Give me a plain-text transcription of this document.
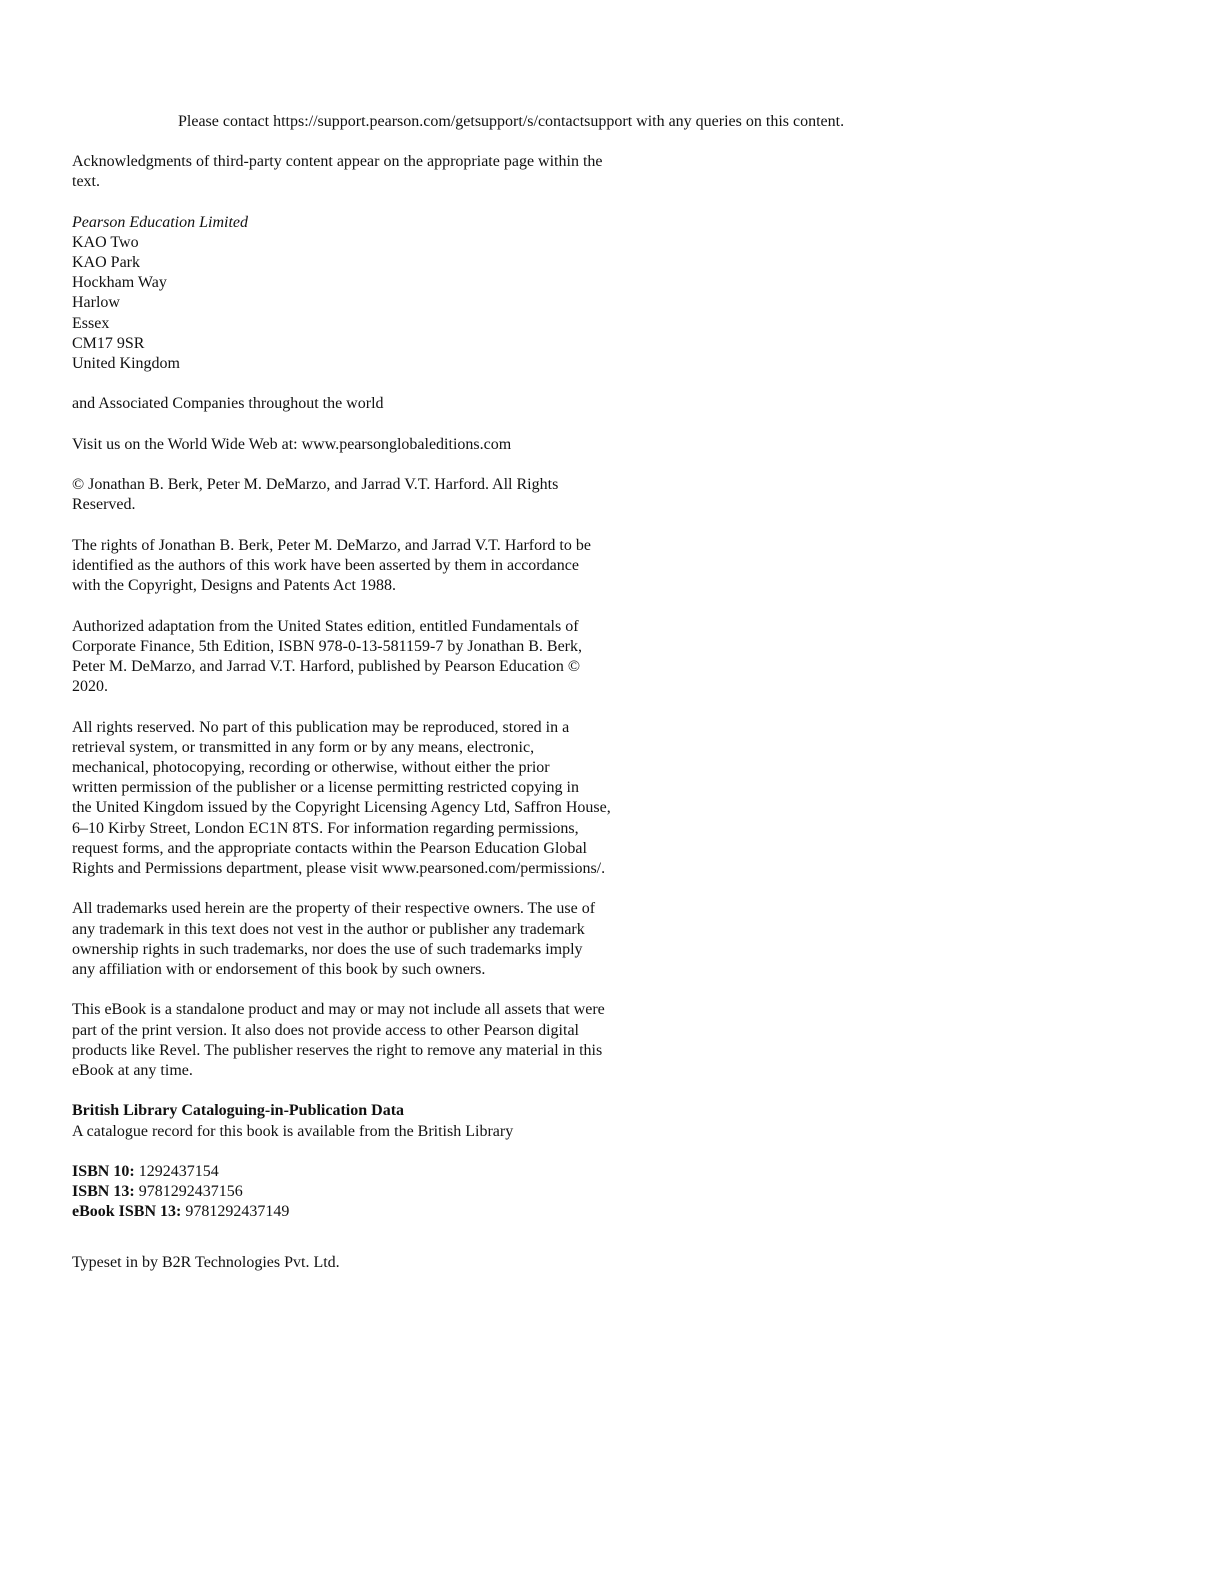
Please contact https://support.pearson.com/getsupport/s/contactsupport with any queries on this content.

Acknowledgments of third-party content appear on the appropriate page within the
text.

Pearson Education Limited
KAO Two
KAO Park
Hockham Way
Harlow
Essex
CM17 9SR
United Kingdom

and Associated Companies throughout the world

Visit us on the World Wide Web at: www.pearsonglobaleditions.com

© Jonathan B. Berk, Peter M. DeMarzo, and Jarrad V.T. Harford. All Rights
Reserved.

The rights of Jonathan B. Berk, Peter M. DeMarzo, and Jarrad V.T. Harford to be
identified as the authors of this work have been asserted by them in accordance
with the Copyright, Designs and Patents Act 1988.

Authorized adaptation from the United States edition, entitled Fundamentals of
Corporate Finance, 5th Edition, ISBN 978-0-13-581159-7 by Jonathan B. Berk,
Peter M. DeMarzo, and Jarrad V.T. Harford, published by Pearson Education ©
2020.

All rights reserved. No part of this publication may be reproduced, stored in a
retrieval system, or transmitted in any form or by any means, electronic,
mechanical, photocopying, recording or otherwise, without either the prior
written permission of the publisher or a license permitting restricted copying in
the United Kingdom issued by the Copyright Licensing Agency Ltd, Saffron House,
6–10 Kirby Street, London EC1N 8TS. For information regarding permissions,
request forms, and the appropriate contacts within the Pearson Education Global
Rights and Permissions department, please visit www.pearsoned.com/permissions/.

All trademarks used herein are the property of their respective owners. The use of
any trademark in this text does not vest in the author or publisher any trademark
ownership rights in such trademarks, nor does the use of such trademarks imply
any affiliation with or endorsement of this book by such owners.

This eBook is a standalone product and may or may not include all assets that were
part of the print version. It also does not provide access to other Pearson digital
products like Revel. The publisher reserves the right to remove any material in this
eBook at any time.

British Library Cataloguing-in-Publication Data
A catalogue record for this book is available from the British Library

ISBN 10: 1292437154
ISBN 13: 9781292437156
eBook ISBN 13: 9781292437149

Typeset in by B2R Technologies Pvt. Ltd.
